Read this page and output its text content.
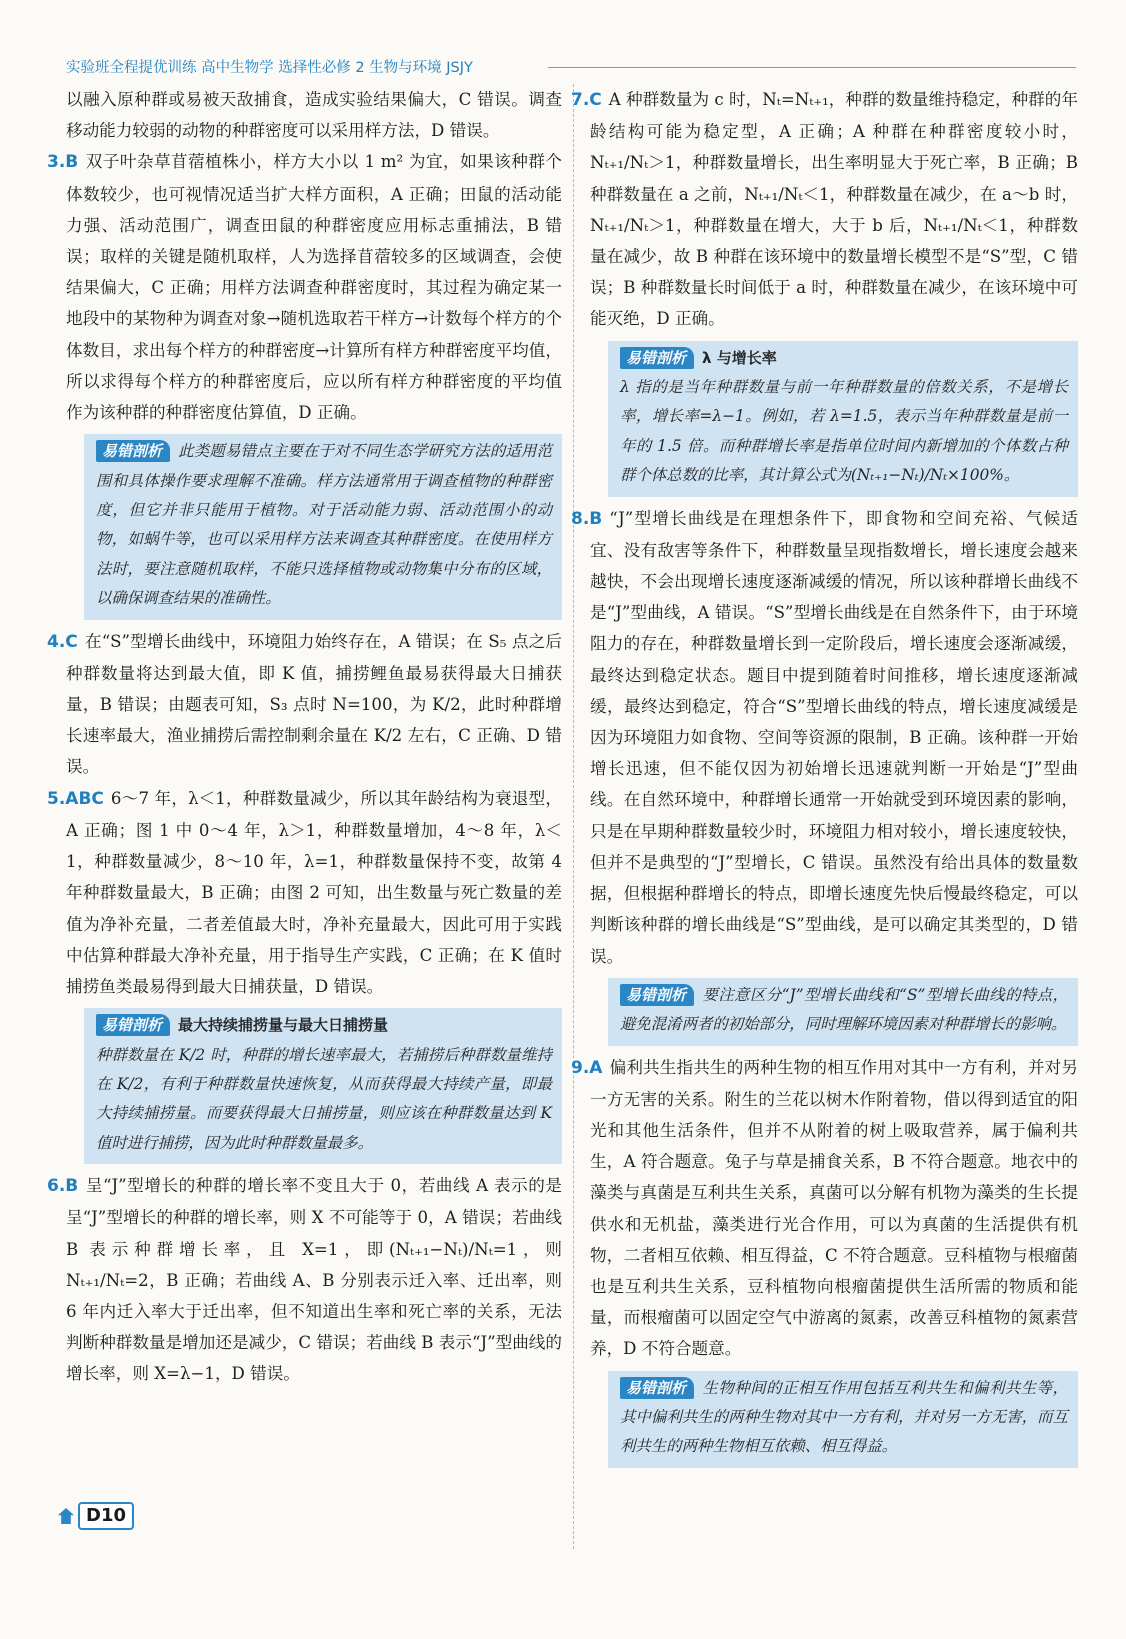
实验班全程提优训练 高中生物学 选择性必修 2 生物与环境 JSJY

以融入原种群或易被天敌捕食，造成实验结果偏大，C 错误。调查移动能力较弱的动物的种群密度可以采用样方法，D 错误。

3.B 双子叶杂草苜蓿植株小，样方大小以 1 m² 为宜，如果该种群个体数较少，也可视情况适当扩大样方面积，A 正确；田鼠的活动能力强、活动范围广，调查田鼠的种群密度应用标志重捕法，B 错误；取样的关键是随机取样，人为选择苜蓿较多的区域调查，会使结果偏大，C 正确；用样方法调查种群密度时，其过程为确定某一地段中的某物种为调查对象→随机选取若干样方→计数每个样方的个体数目，求出每个样方的种群密度→计算所有样方种群密度平均值，所以求得每个样方的种群密度后，应以所有样方种群密度的平均值作为该种群的种群密度估算值，D 正确。

易错剖析 此类题易错点主要在于对不同生态学研究方法的适用范围和具体操作要求理解不准确。样方法通常用于调查植物的种群密度，但它并非只能用于植物。对于活动能力弱、活动范围小的动物，如蜗牛等，也可以采用样方法来调查其种群密度。在使用样方法时，要注意随机取样，不能只选择植物或动物集中分布的区域，以确保调查结果的准确性。

4.C 在“S”型增长曲线中，环境阻力始终存在，A 错误；在 S₅ 点之后种群数量将达到最大值，即 K 值，捕捞鲤鱼最易获得最大日捕获量，B 错误；由题表可知，S₃ 点时 N=100，为 K/2，此时种群增长速率最大，渔业捕捞后需控制剩余量在 K/2 左右，C 正确、D 错误。

5.ABC 6～7 年，λ＜1，种群数量减少，所以其年龄结构为衰退型，A 正确；图 1 中 0～4 年，λ＞1，种群数量增加，4～8 年，λ＜1，种群数量减少，8～10 年，λ=1，种群数量保持不变，故第 4 年种群数量最大，B 正确；由图 2 可知，出生数量与死亡数量的差值为净补充量，二者差值最大时，净补充量最大，因此可用于实践中估算种群最大净补充量，用于指导生产实践，C 正确；在 K 值时捕捞鱼类最易得到最大日捕获量，D 错误。

易错剖析 最大持续捕捞量与最大日捕捞量
种群数量在 K/2 时，种群的增长速率最大，若捕捞后种群数量维持在 K/2，有利于种群数量快速恢复，从而获得最大持续产量，即最大持续捕捞量。而要获得最大日捕捞量，则应该在种群数量达到 K 值时进行捕捞，因为此时种群数量最多。

6.B 呈“J”型增长的种群的增长率不变且大于 0，若曲线 A 表示的是呈“J”型增长的种群的增长率，则 X 不可能等于 0，A 错误；若曲线 B 表示种群增长率，且 X=1，即(Nₜ₊₁−Nₜ)/Nₜ=1，则Nₜ₊₁/Nₜ=2，B 正确；若曲线 A、B 分别表示迁入率、迁出率，则 6 年内迁入率大于迁出率，但不知道出生率和死亡率的关系，无法判断种群数量是增加还是减少，C 错误；若曲线 B 表示“J”型曲线的增长率，则 X=λ−1，D 错误。

7.C A 种群数量为 c 时，Nₜ=Nₜ₊₁，种群的数量维持稳定，种群的年龄结构可能为稳定型，A 正确；A 种群在种群密度较小时，Nₜ₊₁/Nₜ＞1，种群数量增长，出生率明显大于死亡率，B 正确；B 种群数量在 a 之前，Nₜ₊₁/Nₜ＜1，种群数量在减少，在 a～b 时，Nₜ₊₁/Nₜ＞1，种群数量在增大，大于 b 后，Nₜ₊₁/Nₜ＜1，种群数量在减少，故 B 种群在该环境中的数量增长模型不是“S”型，C 错误；B 种群数量长时间低于 a 时，种群数量在减少，在该环境中可能灭绝，D 正确。

易错剖析 λ 与增长率
λ 指的是当年种群数量与前一年种群数量的倍数关系，不是增长率，增长率=λ−1。例如，若 λ=1.5，表示当年种群数量是前一年的 1.5 倍。而种群增长率是指单位时间内新增加的个体数占种群个体总数的比率，其计算公式为(Nₜ₊₁−Nₜ)/Nₜ×100%。

8.B “J”型增长曲线是在理想条件下，即食物和空间充裕、气候适宜、没有敌害等条件下，种群数量呈现指数增长，增长速度会越来越快，不会出现增长速度逐渐减缓的情况，所以该种群增长曲线不是“J”型曲线，A 错误。“S”型增长曲线是在自然条件下，由于环境阻力的存在，种群数量增长到一定阶段后，增长速度会逐渐减缓，最终达到稳定状态。题目中提到随着时间推移，增长速度逐渐减缓，最终达到稳定，符合“S”型增长曲线的特点，增长速度减缓是因为环境阻力如食物、空间等资源的限制，B 正确。该种群一开始增长迅速，但不能仅因为初始增长迅速就判断一开始是“J”型曲线。在自然环境中，种群增长通常一开始就受到环境因素的影响，只是在早期种群数量较少时，环境阻力相对较小，增长速度较快，但并不是典型的“J”型增长，C 错误。虽然没有给出具体的数量数据，但根据种群增长的特点，即增长速度先快后慢最终稳定，可以判断该种群的增长曲线是“S”型曲线，是可以确定其类型的，D 错误。

易错剖析 要注意区分“J”型增长曲线和“S”型增长曲线的特点，避免混淆两者的初始部分，同时理解环境因素对种群增长的影响。

9.A 偏利共生指共生的两种生物的相互作用对其中一方有利，并对另一方无害的关系。附生的兰花以树木作附着物，借以得到适宜的阳光和其他生活条件，但并不从附着的树上吸取营养，属于偏利共生，A 符合题意。兔子与草是捕食关系，B 不符合题意。地衣中的藻类与真菌是互利共生关系，真菌可以分解有机物为藻类的生长提供水和无机盐，藻类进行光合作用，可以为真菌的生活提供有机物，二者相互依赖、相互得益，C 不符合题意。豆科植物与根瘤菌也是互利共生关系，豆科植物向根瘤菌提供生活所需的物质和能量，而根瘤菌可以固定空气中游离的氮素，改善豆科植物的氮素营养，D 不符合题意。

易错剖析 生物种间的正相互作用包括互利共生和偏利共生等，其中偏利共生的两种生物对其中一方有利，并对另一方无害，而互利共生的两种生物相互依赖、相互得益。
D10
